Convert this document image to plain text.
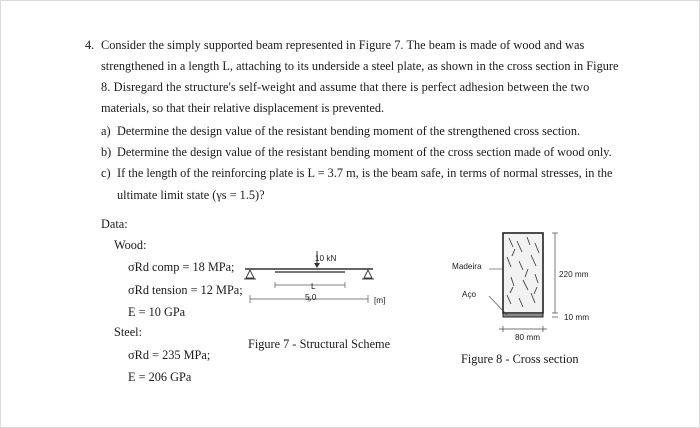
4. Consider the simply supported beam represented in Figure 7. The beam is made of wood and was
strengthened in a length L, attaching to its underside a steel plate, as shown in the cross section in Figure
8. Disregard the structure's self-weight and assume that there is perfect adhesion between the two
materials, so that their relative displacement is prevented.
a) Determine the design value of the resistant bending moment of the strengthened cross section.
b) Determine the design value of the resistant bending moment of the cross section made of wood only.
c) If the length of the reinforcing plate is L = 3.7 m, is the beam safe, in terms of normal stresses, in the
ultimate limit state (γs = 1.5)?
Data:
Wood:
σRd comp = 18 MPa;
σRd tension = 12 MPa;
E = 10 GPa
Steel:
σRd = 235 MPa;
E = 206 GPa
10 kN
L
5,0	[m]
Figure 7 - Structural Scheme
Madeira
Aço
220 mm
10 mm
80 mm
Figure 8 - Cross section
